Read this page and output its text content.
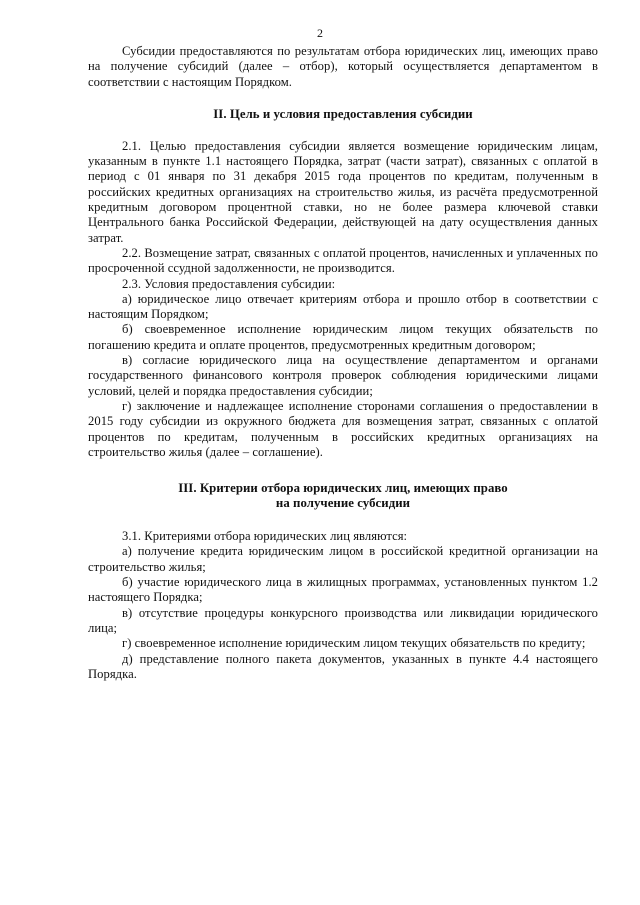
2

Субсидии предоставляются по результатам отбора юридических лиц, имеющих право на получение субсидий (далее – отбор), который осуществляется департаментом в соответствии с настоящим Порядком.

II. Цель и условия предоставления субсидии

2.1. Целью предоставления субсидии является возмещение юридическим лицам, указанным в пункте 1.1 настоящего Порядка, затрат (части затрат), связанных с оплатой в период с 01 января по 31 декабря 2015 года процентов по кредитам, полученным в российских кредитных организациях на строительство жилья, из расчёта предусмотренной кредитным договором процентной ставки, но не более размера ключевой ставки Центрального банка Российской Федерации, действующей на дату осуществления данных затрат.

2.2. Возмещение затрат, связанных с оплатой процентов, начисленных и уплаченных по просроченной ссудной задолженности, не производится.

2.3. Условия предоставления субсидии:

а) юридическое лицо отвечает критериям отбора и прошло отбор в соответствии с настоящим Порядком;

б) своевременное исполнение юридическим лицом текущих обязательств по погашению кредита и оплате процентов, предусмотренных кредитным договором;

в) согласие юридического лица на осуществление департаментом и органами государственного финансового контроля проверок соблюдения юридическими лицами условий, целей и порядка предоставления субсидии;

г) заключение и надлежащее исполнение сторонами соглашения о предоставлении в 2015 году субсидии из окружного бюджета для возмещения затрат, связанных с оплатой процентов по кредитам, полученным в российских кредитных организациях на строительство жилья (далее – соглашение).

III. Критерии отбора юридических лиц, имеющих право
на получение субсидии

3.1. Критериями отбора юридических лиц являются:

а) получение кредита юридическим лицом в российской кредитной организации на строительство жилья;

б) участие юридического лица в жилищных программах, установленных пунктом 1.2 настоящего Порядка;

в) отсутствие процедуры конкурсного производства или ликвидации юридического лица;

г) своевременное исполнение юридическим лицом текущих обязательств по кредиту;

д) представление полного пакета документов, указанных в пункте 4.4 настоящего Порядка.
